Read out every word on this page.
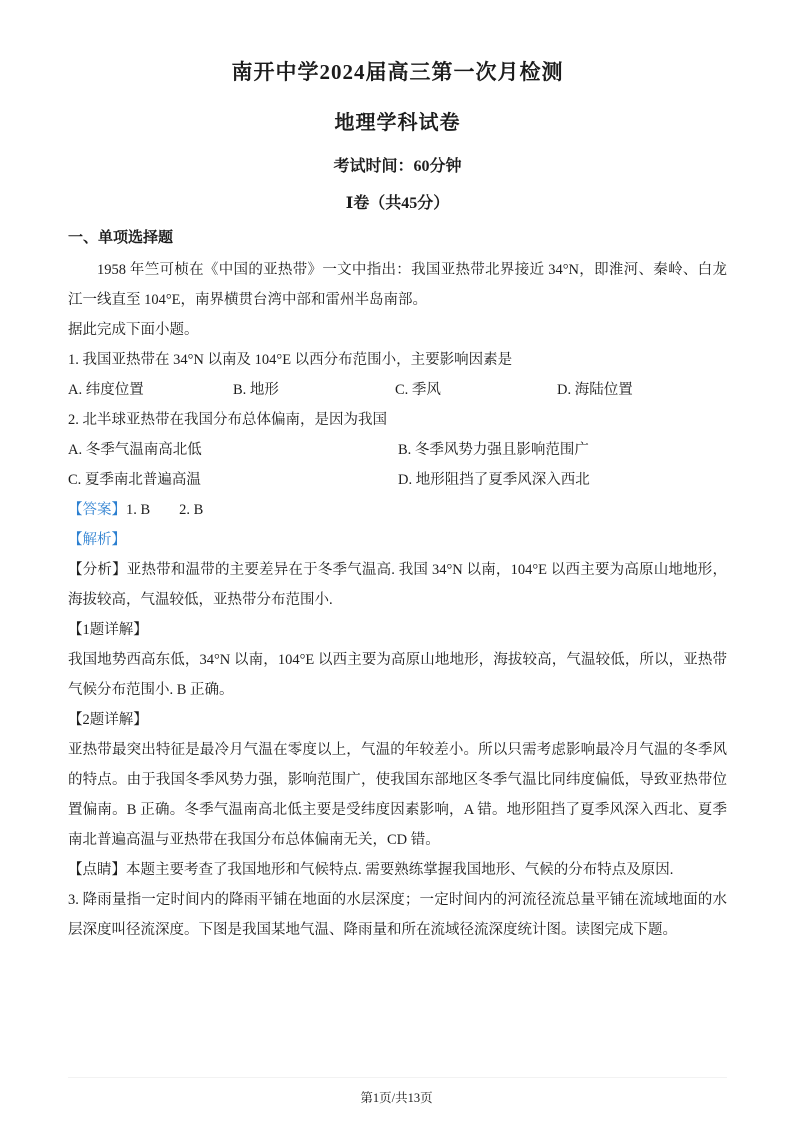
南开中学2024届高三第一次月检测
地理学科试卷
考试时间：60分钟
Ⅰ卷（共45分）
一、单项选择题

1958 年竺可桢在《中国的亚热带》一文中指出：我国亚热带北界接近 34°N，即淮河、秦岭、白龙江一线直至 104°E，南界横贯台湾中部和雷州半岛南部。

据此完成下面小题。

1. 我国亚热带在 34°N 以南及 104°E 以西分布范围小，主要影响因素是

A. 纬度位置	B. 地形	C. 季风	D. 海陆位置

2. 北半球亚热带在我国分布总体偏南，是因为我国

A. 冬季气温南高北低	B. 冬季风势力强且影响范围广
C. 夏季南北普遍高温	D. 地形阻挡了夏季风深入西北

【答案】1. B　　2. B

【解析】

【分析】亚热带和温带的主要差异在于冬季气温高. 我国 34°N 以南，104°E 以西主要为高原山地地形，海拔较高，气温较低，亚热带分布范围小.

【1题详解】

我国地势西高东低，34°N 以南，104°E 以西主要为高原山地地形，海拔较高，气温较低，所以，亚热带气候分布范围小. B 正确。

【2题详解】

亚热带最突出特征是最冷月气温在零度以上，气温的年较差小。所以只需考虑影响最冷月气温的冬季风的特点。由于我国冬季风势力强，影响范围广，使我国东部地区冬季气温比同纬度偏低，导致亚热带位置偏南。B 正确。冬季气温南高北低主要是受纬度因素影响，A 错。地形阻挡了夏季风深入西北、夏季南北普遍高温与亚热带在我国分布总体偏南无关，CD 错。

【点睛】本题主要考查了我国地形和气候特点. 需要熟练掌握我国地形、气候的分布特点及原因.

3. 降雨量指一定时间内的降雨平铺在地面的水层深度；一定时间内的河流径流总量平铺在流域地面的水层深度叫径流深度。下图是我国某地气温、降雨量和所在流域径流深度统计图。读图完成下题。

第1页/共13页
